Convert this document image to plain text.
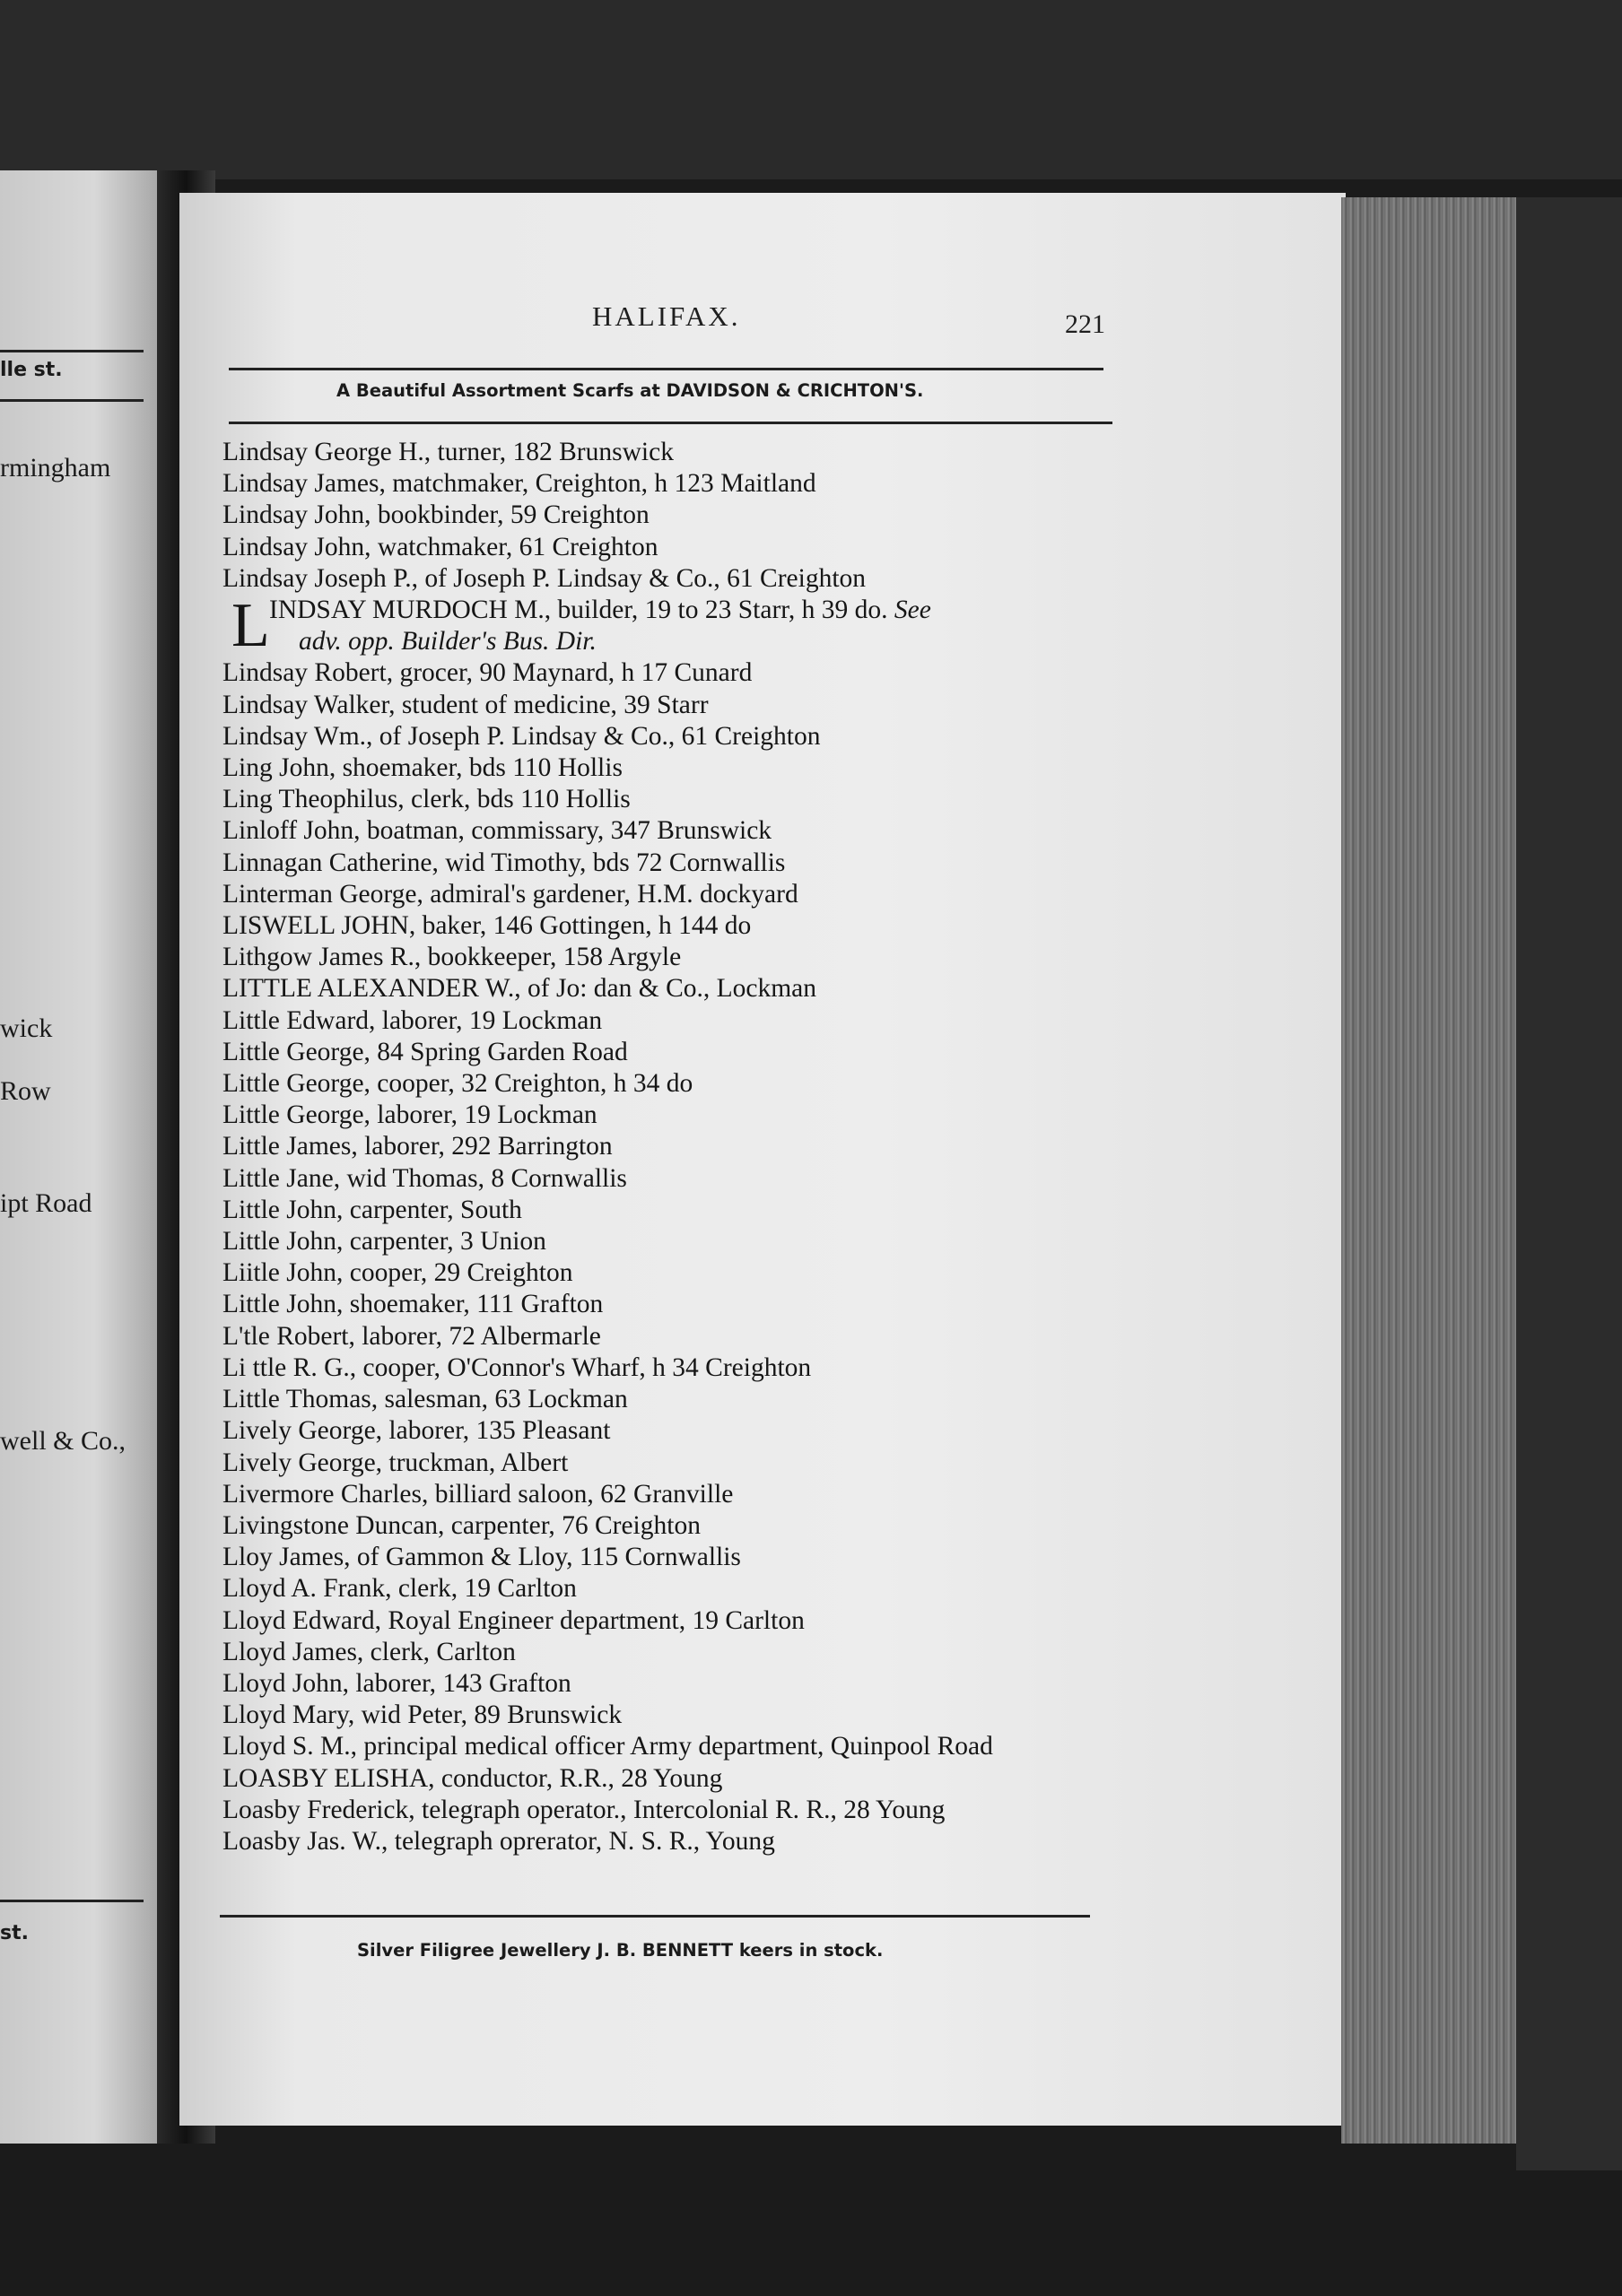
lle st.
rmingham
wick
Row
ipt Road
well & Co.,
st.
HALIFAX.	221
A Beautiful Assortment Scarfs at DAVIDSON & CRICHTON'S.
Lindsay George H., turner, 182 Brunswick
Lindsay James, matchmaker, Creighton, h 123 Maitland
Lindsay John, bookbinder, 59 Creighton
Lindsay John, watchmaker, 61 Creighton
Lindsay Joseph P., of Joseph P. Lindsay & Co., 61 Creighton
L INDSAY MURDOCH M., builder, 19 to 23 Starr, h 39 do. See
adv. opp. Builder's Bus. Dir.
Lindsay Robert, grocer, 90 Maynard, h 17 Cunard
Lindsay Walker, student of medicine, 39 Starr
Lindsay Wm., of Joseph P. Lindsay & Co., 61 Creighton
Ling John, shoemaker, bds 110 Hollis
Ling Theophilus, clerk, bds 110 Hollis
Linloff John, boatman, commissary, 347 Brunswick
Linnagan Catherine, wid Timothy, bds 72 Cornwallis
Linterman George, admiral's gardener, H.M. dockyard
LISWELL JOHN, baker, 146 Gottingen, h 144 do
Lithgow James R., bookkeeper, 158 Argyle
LITTLE ALEXANDER W., of Jo: dan & Co., Lockman
Little Edward, laborer, 19 Lockman
Little George, 84 Spring Garden Road
Little George, cooper, 32 Creighton, h 34 do
Little George, laborer, 19 Lockman
Little James, laborer, 292 Barrington
Little Jane, wid Thomas, 8 Cornwallis
Little John, carpenter, South
Little John, carpenter, 3 Union
Liitle John, cooper, 29 Creighton
Little John, shoemaker, 111 Grafton
L'tle Robert, laborer, 72 Albermarle
Li ttle R. G., cooper, O'Connor's Wharf, h 34 Creighton
Little Thomas, salesman, 63 Lockman
Lively George, laborer, 135 Pleasant
Lively George, truckman, Albert
Livermore Charles, billiard saloon, 62 Granville
Livingstone Duncan, carpenter, 76 Creighton
Lloy James, of Gammon & Lloy, 115 Cornwallis
Lloyd A. Frank, clerk, 19 Carlton
Lloyd Edward, Royal Engineer department, 19 Carlton
Lloyd James, clerk, Carlton
Lloyd John, laborer, 143 Grafton
Lloyd Mary, wid Peter, 89 Brunswick
Lloyd S. M., principal medical officer Army department, Quinpool Road
LOASBY ELISHA, conductor, R.R., 28 Young
Loasby Frederick, telegraph operator., Intercolonial R. R., 28 Young
Loasby Jas. W., telegraph oprerator, N. S. R., Young
Silver Filigree Jewellery J. B. BENNETT keers in stock.
